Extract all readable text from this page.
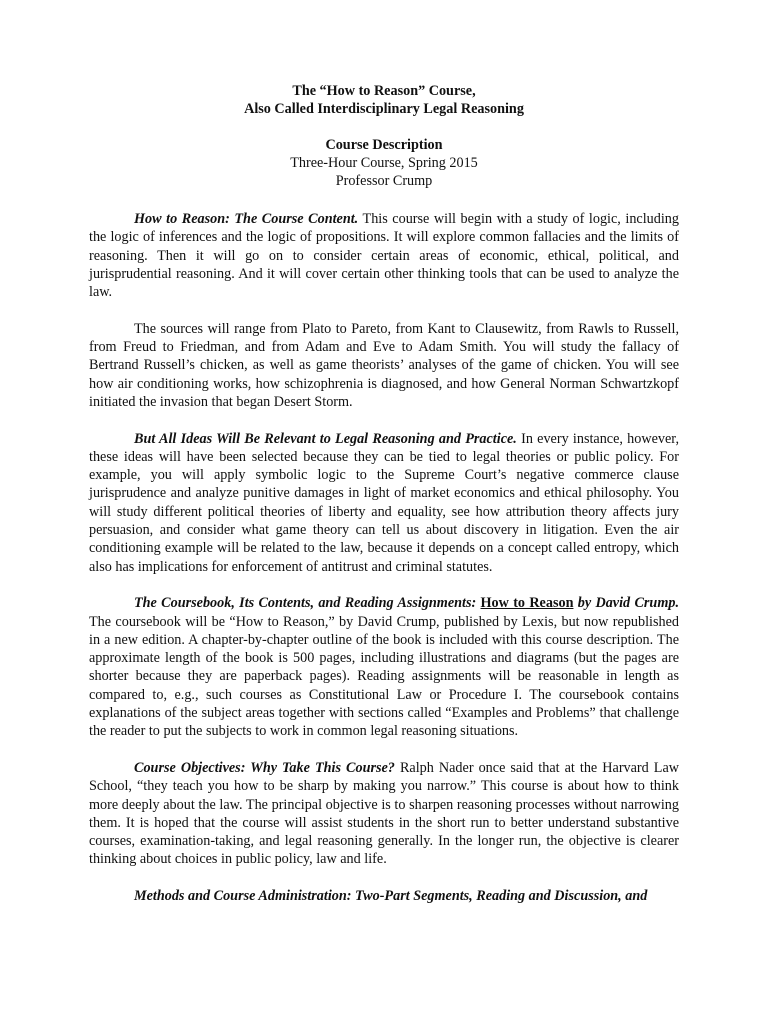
The “How to Reason” Course,
Also Called Interdisciplinary Legal Reasoning
Course Description
Three-Hour Course, Spring 2015
Professor Crump

How to Reason: The Course Content. This course will begin with a study of logic, including the logic of inferences and the logic of propositions. It will explore common fallacies and the limits of reasoning. Then it will go on to consider certain areas of economic, ethical, political, and jurisprudential reasoning. And it will cover certain other thinking tools that can be used to analyze the law.

The sources will range from Plato to Pareto, from Kant to Clausewitz, from Rawls to Russell, from Freud to Friedman, and from Adam and Eve to Adam Smith. You will study the fallacy of Bertrand Russell’s chicken, as well as game theorists’ analyses of the game of chicken. You will see how air conditioning works, how schizophrenia is diagnosed, and how General Norman Schwartzkopf initiated the invasion that began Desert Storm.

But All Ideas Will Be Relevant to Legal Reasoning and Practice. In every instance, however, these ideas will have been selected because they can be tied to legal theories or public policy. For example, you will apply symbolic logic to the Supreme Court’s negative commerce clause jurisprudence and analyze punitive damages in light of market economics and ethical philosophy. You will study different political theories of liberty and equality, see how attribution theory affects jury persuasion, and consider what game theory can tell us about discovery in litigation. Even the air conditioning example will be related to the law, because it depends on a concept called entropy, which also has implications for enforcement of antitrust and criminal statutes.

The Coursebook, Its Contents, and Reading Assignments: How to Reason by David Crump. The coursebook will be “How to Reason,” by David Crump, published by Lexis, but now republished in a new edition. A chapter-by-chapter outline of the book is included with this course description. The approximate length of the book is 500 pages, including illustrations and diagrams (but the pages are shorter because they are paperback pages). Reading assignments will be reasonable in length as compared to, e.g., such courses as Constitutional Law or Procedure I. The coursebook contains explanations of the subject areas together with sections called “Examples and Problems” that challenge the reader to put the subjects to work in common legal reasoning situations.

Course Objectives: Why Take This Course? Ralph Nader once said that at the Harvard Law School, “they teach you how to be sharp by making you narrow.” This course is about how to think more deeply about the law. The principal objective is to sharpen reasoning processes without narrowing them. It is hoped that the course will assist students in the short run to better understand substantive courses, examination-taking, and legal reasoning generally. In the longer run, the objective is clearer thinking about choices in public policy, law and life.

Methods and Course Administration: Two-Part Segments, Reading and Discussion, and
